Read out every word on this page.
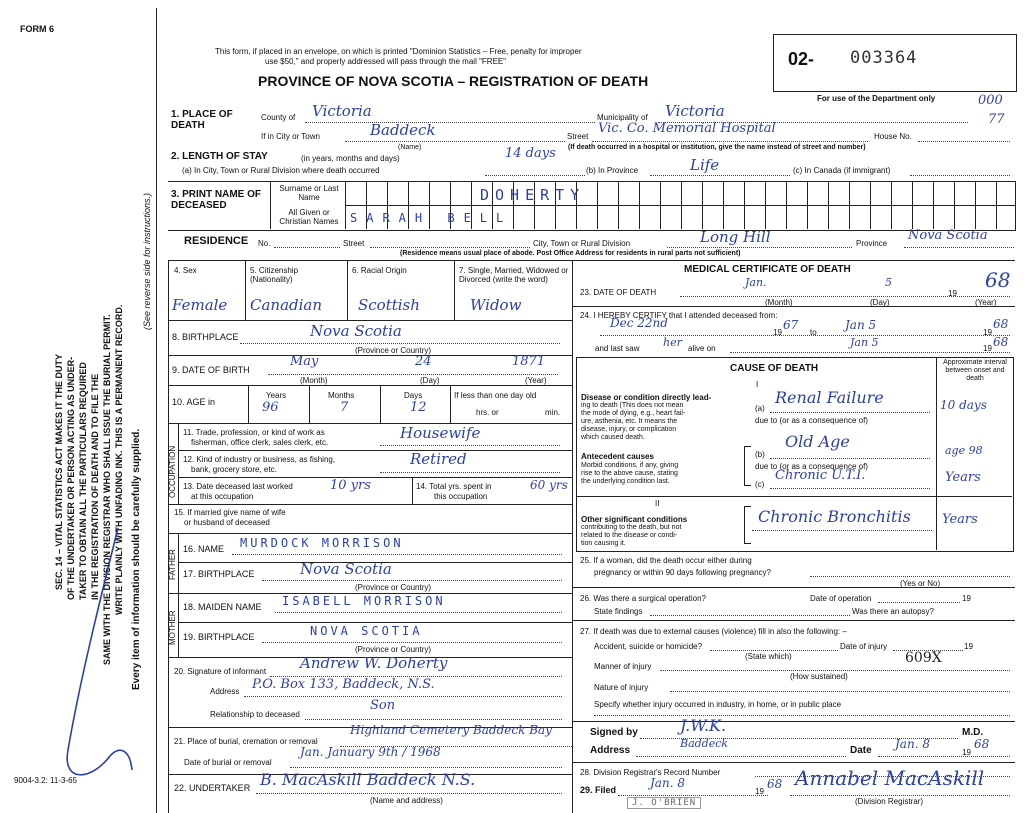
FORM 6
This form, if placed in an envelope, on which is printed "Dominion Statistics – Free, penalty for improper
use $50," and properly addressed will pass through the mail "FREE"
PROVINCE OF NOVA SCOTIA – REGISTRATION OF DEATH
02- 003364
For use of the Department only	000
77
SEC. 14 – VITAL STATISTICS ACT MAKES IT THE DUTY OF THE UNDERTAKER OR PERSON ACTING AS UNDER- TAKER TO OBTAIN ALL THE PARTICULARS REQUIRED IN THE REGISTRATION OF DEATH AND TO FILE THE SAME WITH THE DIVISION REGISTRAR WHO SHALL ISSUE THE BURIAL PERMIT. WRITE PLAINLY WITH UNFADING INK. THIS IS A PERMANENT RECORD. Every item of information should be carefully supplied.
(See reverse side for instructions.)
9004-3.2: 11-3-65
1. PLACE OF DEATH
County of Victoria	Municipality of Victoria
If in City or Town	Baddeck
(Name)
Street
Vic. Co. Memorial Hospital
House No.
(If death occurred in a hospital or institution, give the name instead of street and number)
2. LENGTH OF STAY	(in years, months and days)
(a) In City, Town or Rural Division where death occurred
14 days
(b) In Province	Life	(c) In Canada (if immigrant)
3. PRINT NAME OF DECEASED
Surname or Last Name
All Given or Christian Names
DOHERTY
SARAH BELL
RESIDENCE No.	Street	City, Town or Rural Division	Long Hill	Province
Nova Scotia
(Residence means usual place of abode. Post Office Address for residents in rural parts not sufficient)
4. Sex	5. Citizenship (Nationality)
6. Racial Origin	7. Single, Married, Widowed or Divorced (write the word)
Female Canadian Scottish	Widow
8. BIRTHPLACE	Nova Scotia
(Province or Country)
9. DATE OF BIRTH
May	24	1871
(Month)	(Day)	(Year)
10. AGE in
Years	Months	Days
96	7	12
If less than one day old
hrs. or	min.
OCCUPATION
11. Trade, profession, or kind of work as
fisherman, office clerk, sales clerk, etc.
Housewife
12. Kind of industry or business, as fishing,
bank, grocery store, etc.
Retired
13. Date deceased last worked
at this occupation
10 yrs	14. Total yrs. spent in
this occupation
60 yrs
15. If married give name of wife
or husband of deceased
FATHER
16. NAME MURDOCK MORRISON
17. BIRTHPLACE	Nova Scotia
(Province or Country)
MOTHER
18. MAIDEN NAME ISABELL MORRISON
19. BIRTHPLACE	NOVA SCOTIA
(Province or Country)
20. Signature of informant Andrew W. Doherty
Address P.O. Box 133, Baddeck, N.S.
Relationship to deceased
Son
21. Place of burial, cremation or removal
Highland Cemetery Baddeck Bay
Date of burial or removal
Jan. January 9th / 1968
22. UNDERTAKER B. MacAskill Baddeck N.S.
(Name and address)
MEDICAL CERTIFICATE OF DEATH
23. DATE OF DEATH
Jan.	5
19
68
(Month)	(Day)	(Year)
24. I HEREBY CERTIFY that I attended deceased from:
Dec 22nd
19
67
to
Jan 5
19
68
and last saw her alive on	Jan 5	19 68
CAUSE OF DEATH
Approximate interval between onset and death
I
Disease or condition directly lead-
ing to death (This does not mean
the mode of dying, e.g., heart fail-
ure, asthenia, etc. It means the
disease, injury, or complication
which caused death.
(a)
Renal Failure	10 days
due to (or as a consequence of)
Antecedent causes
Morbid conditions, if any, giving
rise to the above cause, stating
the underlying condition last.
(b)
Old Age	age 98
due to (or as a consequence of)
(c)
Chronic U.T.I.	Years
II
Other significant conditions
contributing to the death, but not
related to the disease or condi-
tion causing it.
Chronic Bronchitis Years
25. If a woman, did the death occur either during
pregnancy or within 90 days following pregnancy?
(Yes or No)
26. Was there a surgical operation?	Date of operation	19
State findings	Was there an autopsy?
27. If death was due to external causes (violence) fill in also the following: –
Accident, suicide or homicide?
(State which)
Date of injury	19
Manner of injury
609X
(How sustained)
Nature of injury
Specify whether injury occurred in industry, in home, or in public place
Signed by	J.W.K.	M.D.
Address
Baddeck
Date Jan. 8
19
68
28. Division Registrar's Record Number
29. Filed	Jan. 8
19
68 Annabel MacAskill
(Division Registrar)
J. O'BRIEN
